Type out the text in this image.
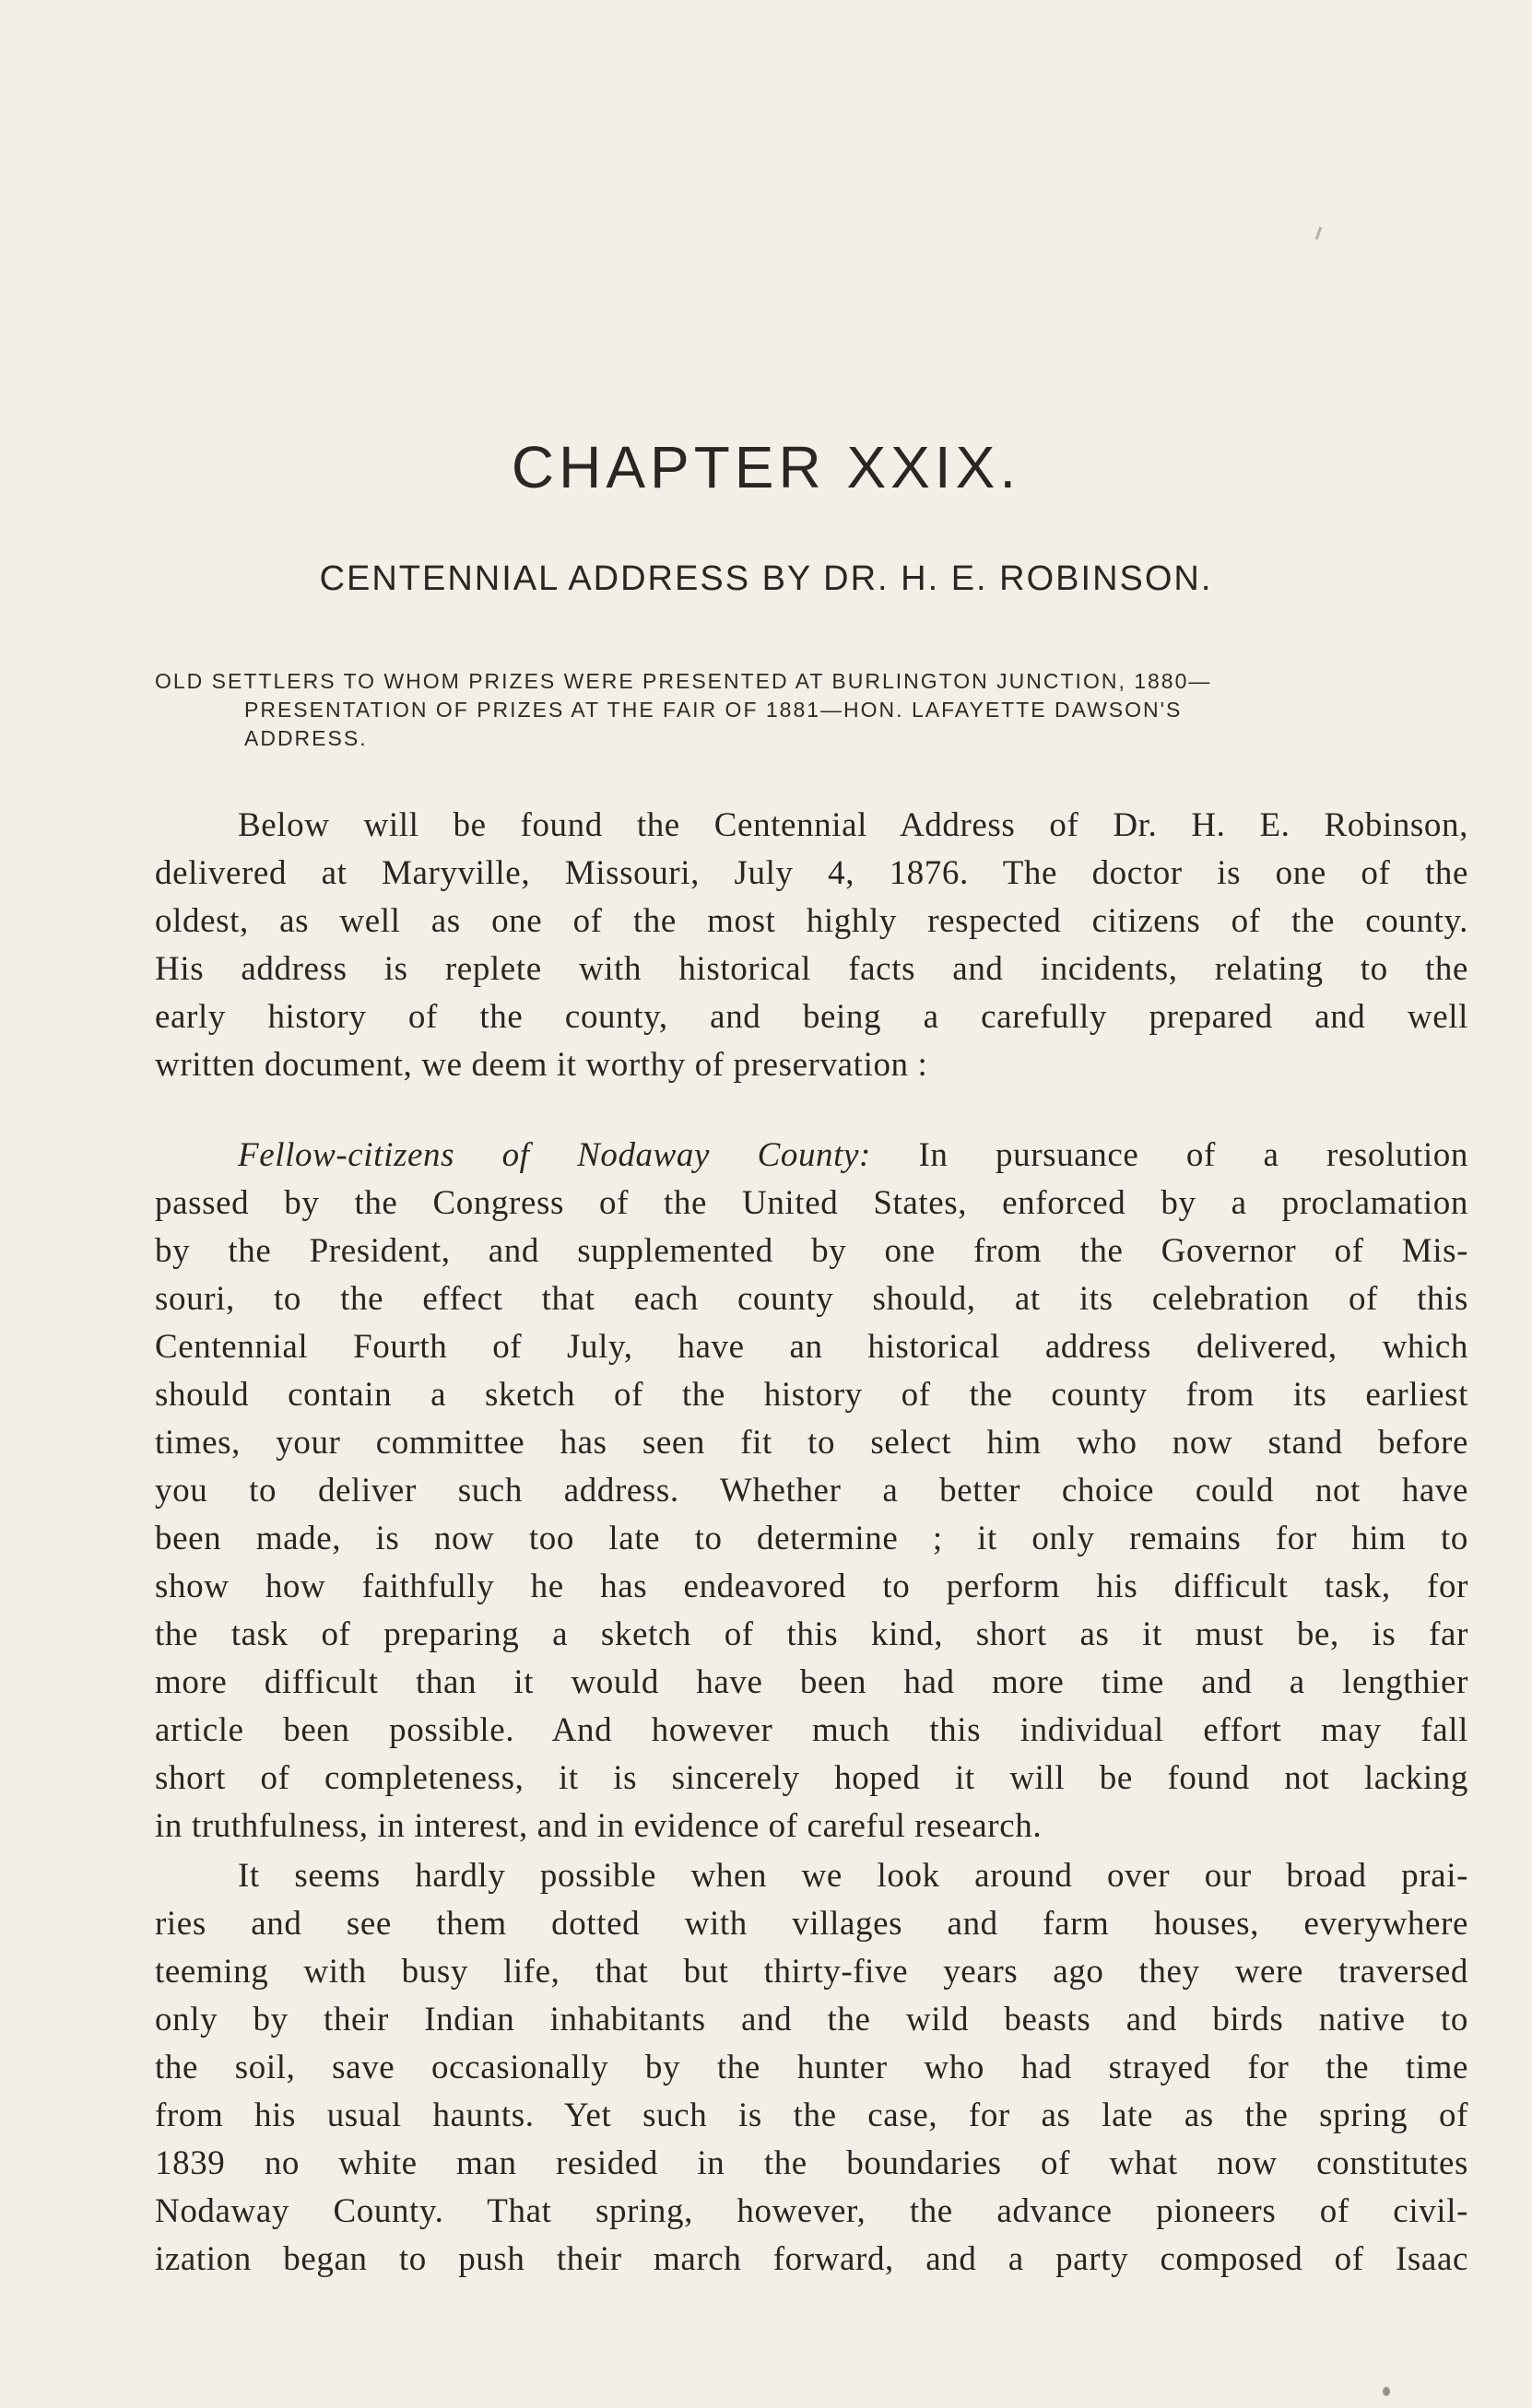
CHAPTER XXIX.
CENTENNIAL ADDRESS BY DR. H. E. ROBINSON.
OLD SETTLERS TO WHOM PRIZES WERE PRESENTED AT BURLINGTON JUNCTION, 1880—
PRESENTATION OF PRIZES AT THE FAIR OF 1881—HON. LAFAYETTE DAWSON'S
ADDRESS.

Below will be found the Centennial Address of Dr. H. E. Robinson,
delivered at Maryville, Missouri, July 4, 1876. The doctor is one of the
oldest, as well as one of the most highly respected citizens of the county.
His address is replete with historical facts and incidents, relating to the
early history of the county, and being a carefully prepared and well
written document, we deem it worthy of preservation :

Fellow-citizens of Nodaway County: In pursuance of a resolution
passed by the Congress of the United States, enforced by a proclamation
by the President, and supplemented by one from the Governor of Mis-
souri, to the effect that each county should, at its celebration of this
Centennial Fourth of July, have an historical address delivered, which
should contain a sketch of the history of the county from its earliest
times, your committee has seen fit to select him who now stand before
you to deliver such address. Whether a better choice could not have
been made, is now too late to determine ; it only remains for him to
show how faithfully he has endeavored to perform his difficult task, for
the task of preparing a sketch of this kind, short as it must be, is far
more difficult than it would have been had more time and a lengthier
article been possible. And however much this individual effort may fall
short of completeness, it is sincerely hoped it will be found not lacking
in truthfulness, in interest, and in evidence of careful research.

It seems hardly possible when we look around over our broad prai-
ries and see them dotted with villages and farm houses, everywhere
teeming with busy life, that but thirty-five years ago they were traversed
only by their Indian inhabitants and the wild beasts and birds native to
the soil, save occasionally by the hunter who had strayed for the time
from his usual haunts. Yet such is the case, for as late as the spring of
1839 no white man resided in the boundaries of what now constitutes
Nodaway County. That spring, however, the advance pioneers of civil-
ization began to push their march forward, and a party composed of Isaac
